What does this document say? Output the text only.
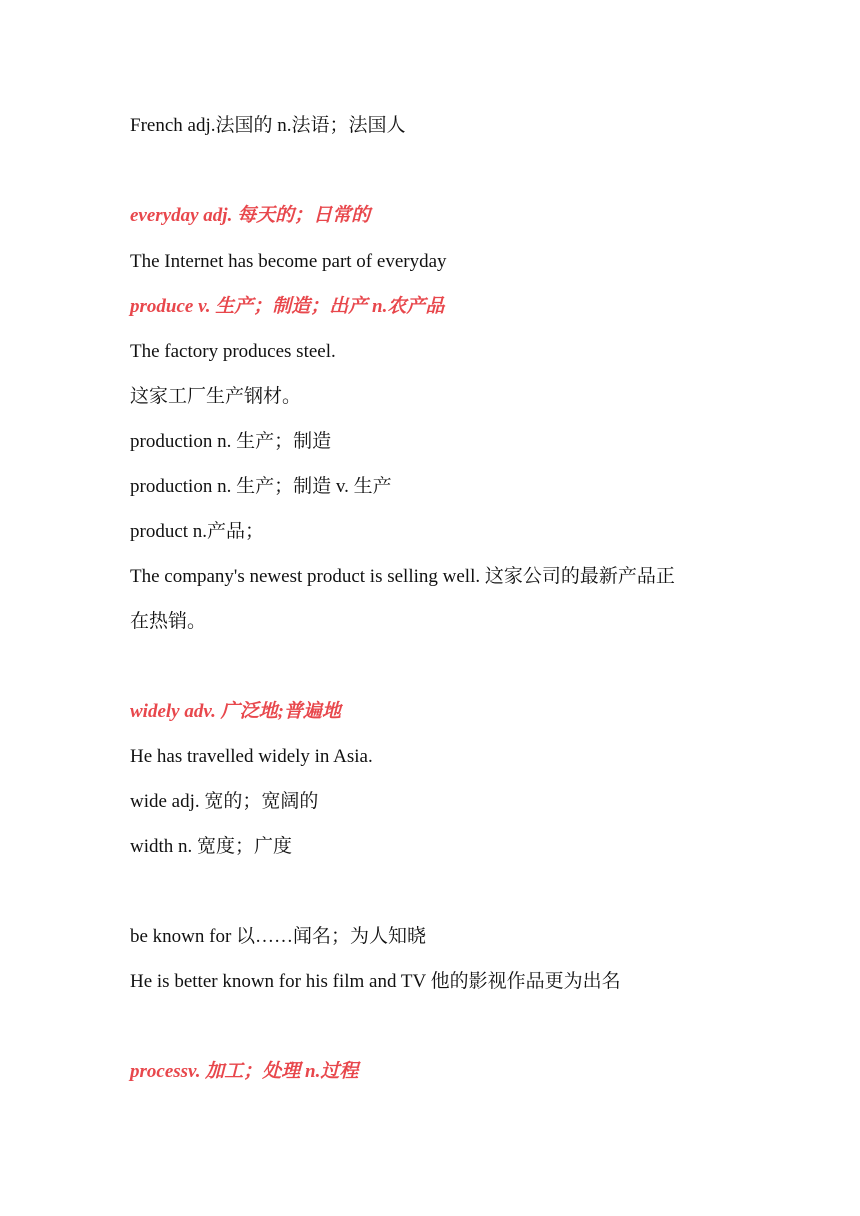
French adj.法国的 n.法语；法国人
everyday adj. 每天的；日常的
The Internet has become part of everyday
produce v. 生产；制造；出产 n.农产品
The factory produces steel.
这家工厂生产钢材。
production n. 生产；制造
production n. 生产；制造 v. 生产
product n.产品；
The company's newest product is selling well. 这家公司的最新产品正
在热销。
widely adv. 广泛地;普遍地
He has travelled widely in Asia.
wide adj. 宽的；宽阔的
width n. 宽度；广度
be known for 以……闻名；为人知晓
He is better known for his film and TV 他的影视作品更为出名
processv. 加工；处理 n.过程
